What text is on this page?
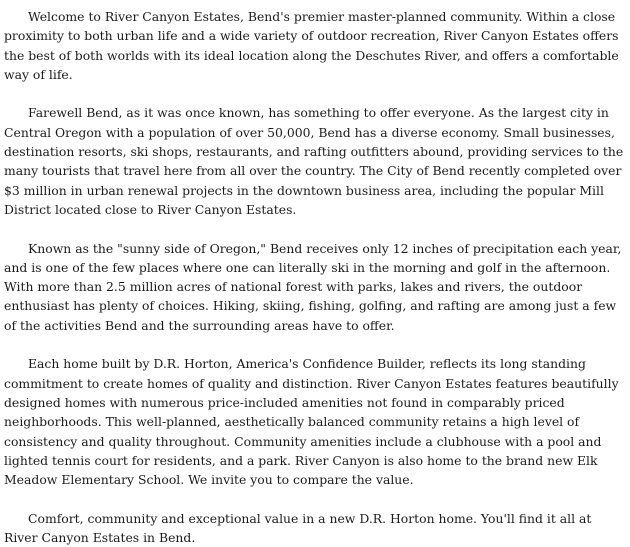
Welcome to River Canyon Estates, Bend's premier master-planned community. Within a close proximity to both urban life and a wide variety of outdoor recreation, River Canyon Estates offers the best of both worlds with its ideal location along the Deschutes River, and offers a comfortable way of life.

Farewell Bend, as it was once known, has something to offer everyone. As the largest city in Central Oregon with a population of over 50,000, Bend has a diverse economy. Small businesses, destination resorts, ski shops, restaurants, and rafting outfitters abound, providing services to the many tourists that travel here from all over the country. The City of Bend recently completed over $3 million in urban renewal projects in the downtown business area, including the popular Mill District located close to River Canyon Estates.

Known as the "sunny side of Oregon," Bend receives only 12 inches of precipitation each year, and is one of the few places where one can literally ski in the morning and golf in the afternoon. With more than 2.5 million acres of national forest with parks, lakes and rivers, the outdoor enthusiast has plenty of choices. Hiking, skiing, fishing, golfing, and rafting are among just a few of the activities Bend and the surrounding areas have to offer.

Each home built by D.R. Horton, America's Confidence Builder, reflects its long standing commitment to create homes of quality and distinction. River Canyon Estates features beautifully designed homes with numerous price-included amenities not found in comparably priced neighborhoods. This well-planned, aesthetically balanced community retains a high level of consistency and quality throughout. Community amenities include a clubhouse with a pool and lighted tennis court for residents, and a park. River Canyon is also home to the brand new Elk Meadow Elementary School. We invite you to compare the value.

Comfort, community and exceptional value in a new D.R. Horton home. You'll find it all at River Canyon Estates in Bend.
